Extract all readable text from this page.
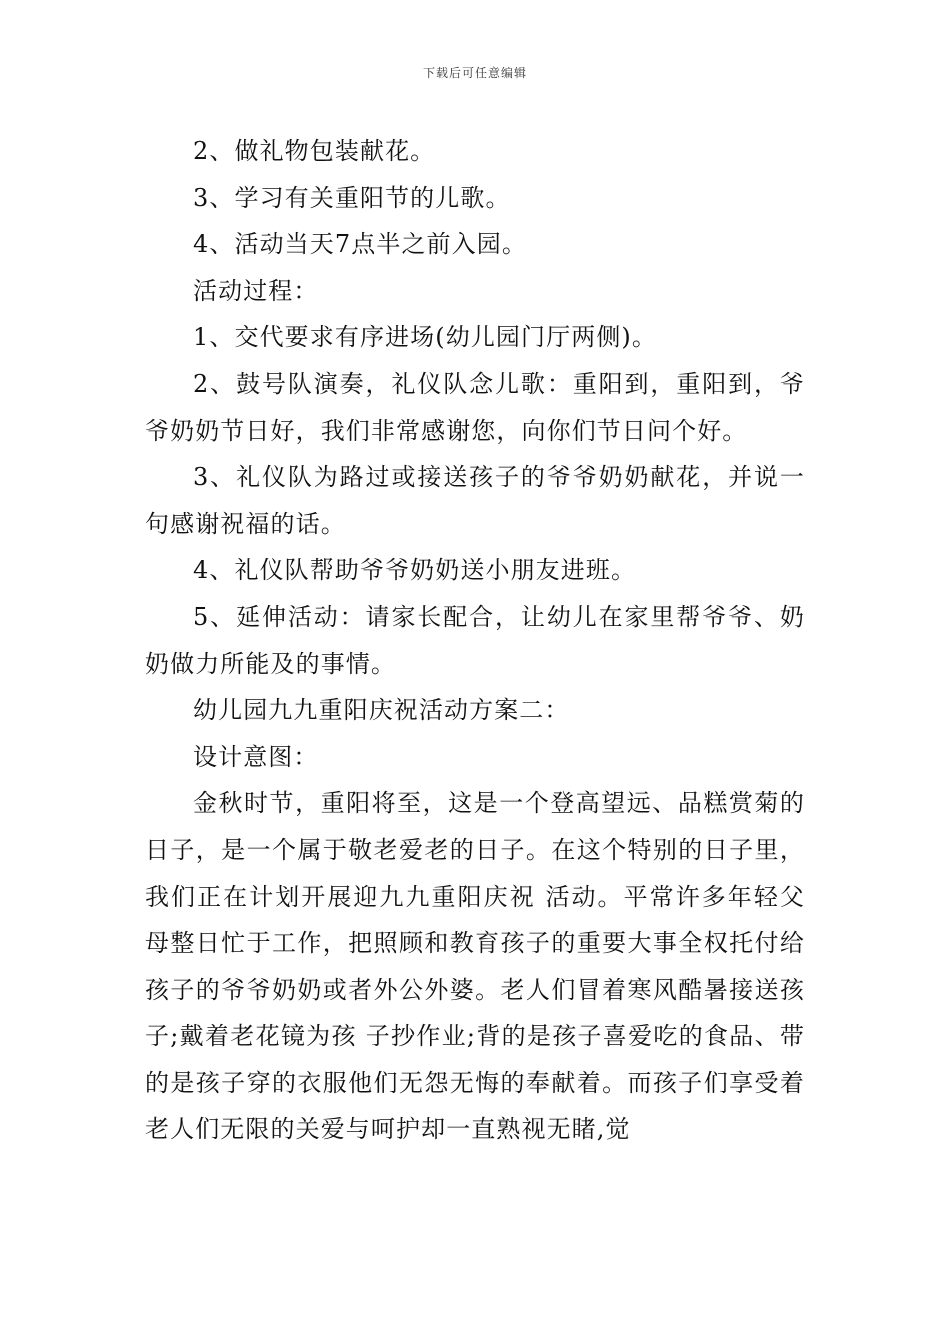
下载后可任意编辑

2、做礼物包装献花。

3、学习有关重阳节的儿歌。

4、活动当天7点半之前入园。

活动过程：

1、交代要求有序进场(幼儿园门厅两侧)。

2、鼓号队演奏，礼仪队念儿歌：重阳到，重阳到，爷爷奶奶节日好，我们非常感谢您，向你们节日问个好。

3、礼仪队为路过或接送孩子的爷爷奶奶献花，并说一句感谢祝福的话。

4、礼仪队帮助爷爷奶奶送小朋友进班。

5、延伸活动：请家长配合，让幼儿在家里帮爷爷、奶奶做力所能及的事情。

幼儿园九九重阳庆祝活动方案二：

设计意图：

金秋时节，重阳将至，这是一个登高望远、品糕赏菊的日子，是一个属于敬老爱老的日子。在这个特别的日子里，我们正在计划开展迎九九重阳庆祝 活动。平常许多年轻父母整日忙于工作，把照顾和教育孩子的重要大事全权托付给孩子的爷爷奶奶或者外公外婆。老人们冒着寒风酷暑接送孩子;戴着老花镜为孩 子抄作业;背的是孩子喜爱吃的食品、带的是孩子穿的衣服他们无怨无悔的奉献着。而孩子们享受着老人们无限的关爱与呵护却一直熟视无睹,觉
